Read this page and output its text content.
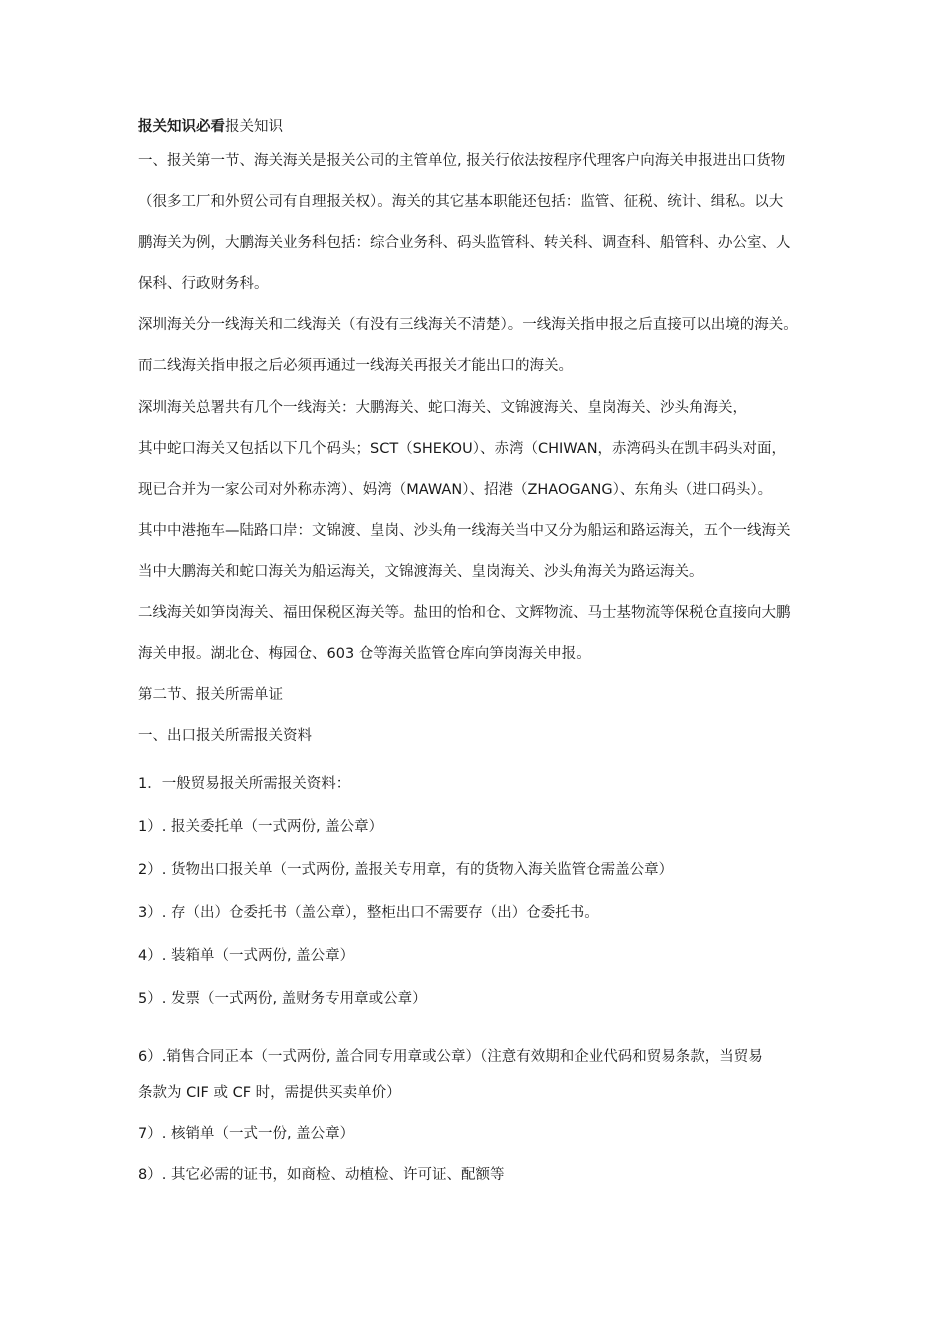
报关知识必看报关知识
一、报关第一节、海关海关是报关公司的主管单位, 报关行依法按程序代理客户向海关申报进出口货物
（很多工厂和外贸公司有自理报关权）。海关的其它基本职能还包括：监管、征税、统计、缉私。以大
鹏海关为例，大鹏海关业务科包括：综合业务科、码头监管科、转关科、调查科、船管科、办公室、人
保科、行政财务科。
深圳海关分一线海关和二线海关（有没有三线海关不清楚）。一线海关指申报之后直接可以出境的海关。
而二线海关指申报之后必须再通过一线海关再报关才能出口的海关。
深圳海关总署共有几个一线海关：大鹏海关、蛇口海关、文锦渡海关、皇岗海关、沙头角海关，
其中蛇口海关又包括以下几个码头；SCT（SHEKOU）、赤湾（CHIWAN，赤湾码头在凯丰码头对面，
现已合并为一家公司对外称赤湾）、妈湾（MAWAN）、招港（ZHAOGANG）、东角头（进口码头）。
其中中港拖车—陆路口岸：文锦渡、皇岗、沙头角一线海关当中又分为船运和路运海关，五个一线海关
当中大鹏海关和蛇口海关为船运海关，文锦渡海关、皇岗海关、沙头角海关为路运海关。
二线海关如笋岗海关、福田保税区海关等。盐田的怡和仓、文辉物流、马士基物流等保税仓直接向大鹏
海关申报。湖北仓、梅园仓、603 仓等海关监管仓库向笋岗海关申报。
第二节、报关所需单证
一、出口报关所需报关资料
1．一般贸易报关所需报关资料：
1）. 报关委托单（一式两份, 盖公章）
2）. 货物出口报关单（一式两份, 盖报关专用章，有的货物入海关监管仓需盖公章）
3）. 存（出）仓委托书（盖公章），整柜出口不需要存（出）仓委托书。
4）. 装箱单（一式两份, 盖公章）
5）. 发票（一式两份, 盖财务专用章或公章）
6）.销售合同正本（一式两份, 盖合同专用章或公章）（注意有效期和企业代码和贸易条款，当贸易
条款为 CIF 或 CF 时，需提供买卖单价）
7）. 核销单（一式一份, 盖公章）
8）. 其它必需的证书，如商检、动植检、许可证、配额等
